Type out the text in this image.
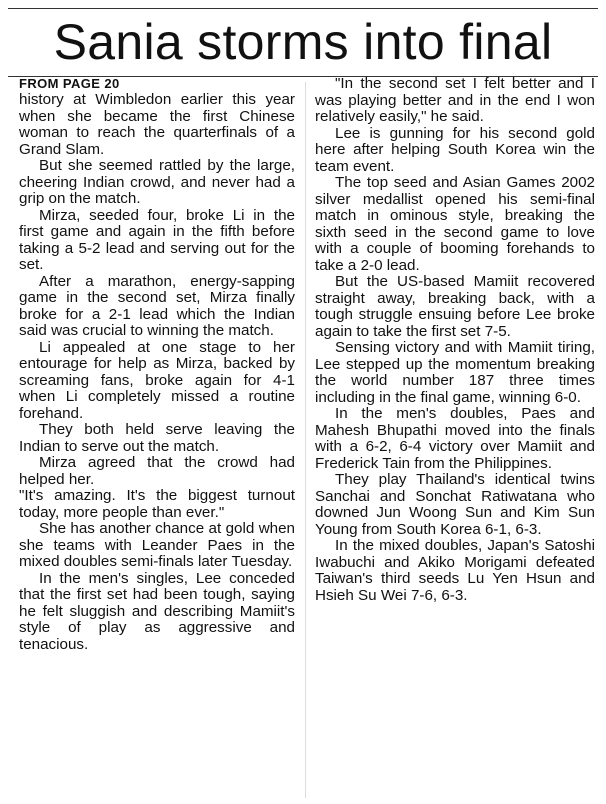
Sania storms into final
FROM PAGE 20

history at Wimbledon earlier this year when she became the first Chinese woman to reach the quarterfinals of a Grand Slam.

But she seemed rattled by the large, cheering Indian crowd, and never had a grip on the match.

Mirza, seeded four, broke Li in the first game and again in the fifth before taking a 5-2 lead and serving out for the set.

After a marathon, energy-sapping game in the second set, Mirza finally broke for a 2-1 lead which the Indian said was crucial to winning the match.

Li appealed at one stage to her entourage for help as Mirza, backed by screaming fans, broke again for 4-1 when Li completely missed a routine forehand.

They both held serve leaving the Indian to serve out the match.

Mirza agreed that the crowd had helped her.

"It's amazing. It's the biggest turnout today, more people than ever."

She has another chance at gold when she teams with Leander Paes in the mixed doubles semi-finals later Tuesday.

In the men's singles, Lee conceded that the first set had been tough, saying he felt sluggish and describing Mamiit's style of play as aggressive and tenacious.

"In the second set I felt better and I was playing better and in the end I won relatively easily," he said.

Lee is gunning for his second gold here after helping South Korea win the team event.

The top seed and Asian Games 2002 silver medallist opened his semi-final match in ominous style, breaking the sixth seed in the second game to love with a couple of booming forehands to take a 2-0 lead.

But the US-based Mamiit recovered straight away, breaking back, with a tough struggle ensuing before Lee broke again to take the first set 7-5.

Sensing victory and with Mamiit tiring, Lee stepped up the momentum breaking the world number 187 three times including in the final game, winning 6-0.

In the men's doubles, Paes and Mahesh Bhupathi moved into the finals with a 6-2, 6-4 victory over Mamiit and Frederick Tain from the Philippines.

They play Thailand's identical twins Sanchai and Sonchat Ratiwatana who downed Jun Woong Sun and Kim Sun Young from South Korea 6-1, 6-3.

In the mixed doubles, Japan's Satoshi Iwabuchi and Akiko Morigami defeated Taiwan's third seeds Lu Yen Hsun and Hsieh Su Wei 7-6, 6-3.
